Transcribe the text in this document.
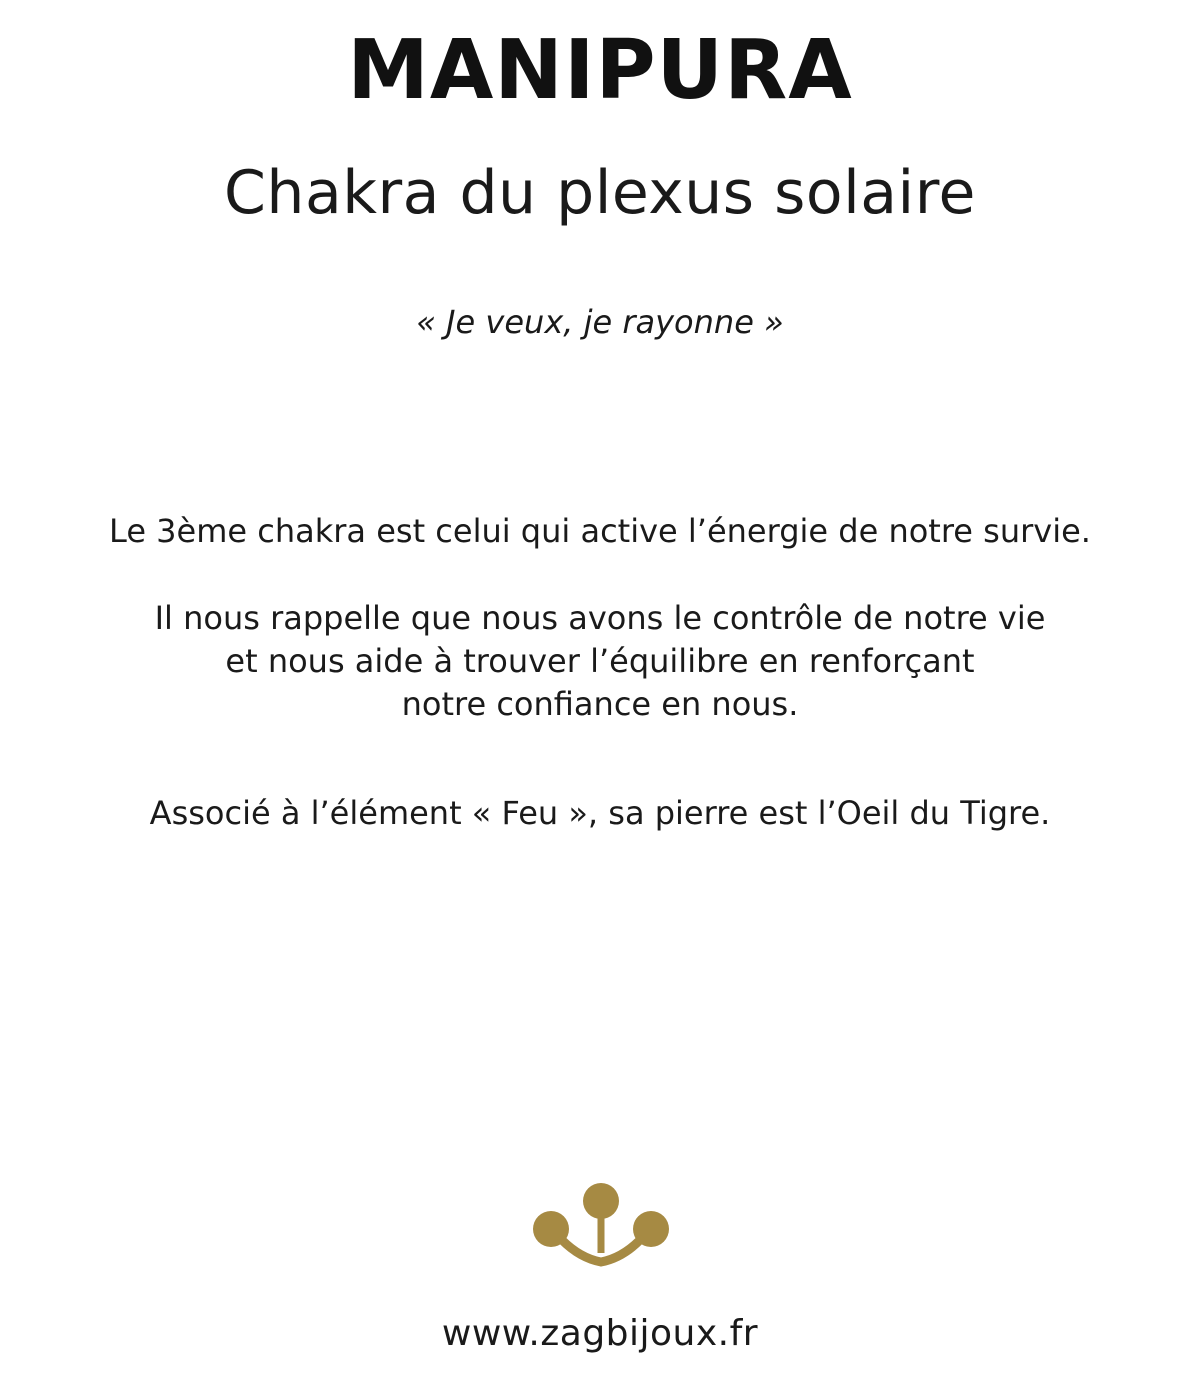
MANIPURA
Chakra du plexus solaire

« Je veux, je rayonne »

Le 3ème chakra est celui qui active l’énergie de notre survie.

Il nous rappelle que nous avons le contrôle de notre vie
et nous aide à trouver l’équilibre en renforçant
notre confiance en nous.

Associé à l’élément « Feu », sa pierre est l’Oeil du Tigre.

www.zagbijoux.fr
